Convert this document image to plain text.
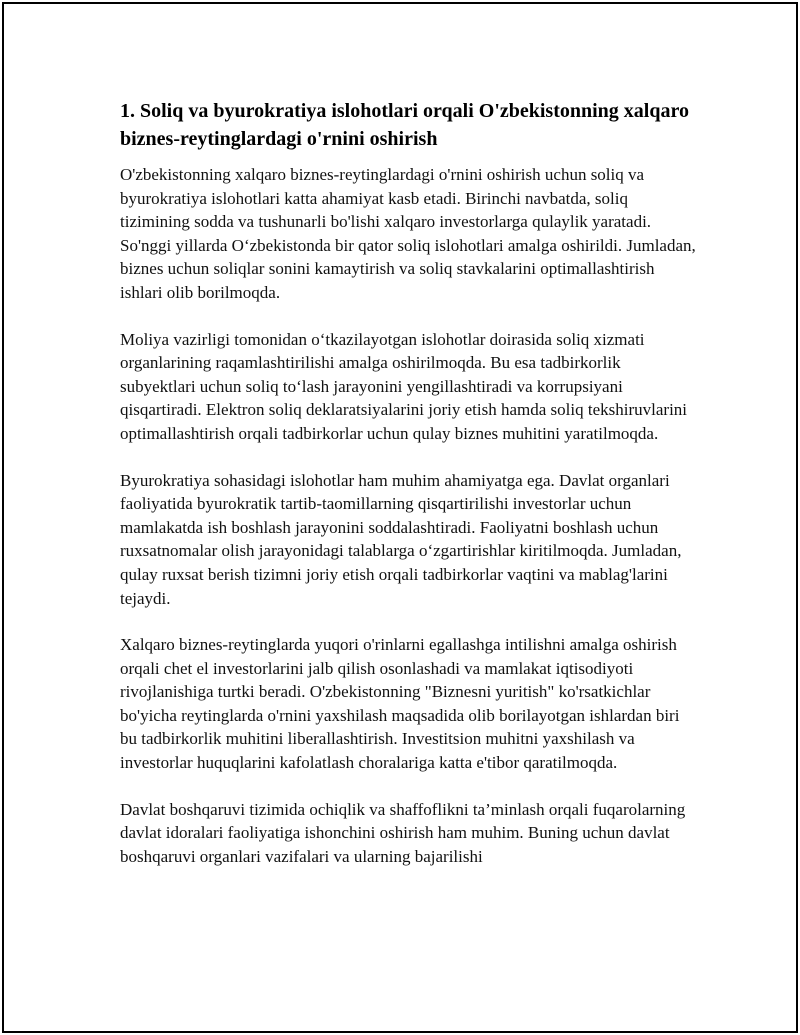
1. Soliq va byurokratiya islohotlari orqali O'zbekistonning xalqaro biznes-reytinglardagi o'rnini oshirish

O'zbekistonning xalqaro biznes-reytinglardagi o'rnini oshirish uchun soliq va byurokratiya islohotlari katta ahamiyat kasb etadi. Birinchi navbatda, soliq tizimining sodda va tushunarli bo'lishi xalqaro investorlarga qulaylik yaratadi. So'nggi yillarda O‘zbekistonda bir qator soliq islohotlari amalga oshirildi. Jumladan, biznes uchun soliqlar sonini kamaytirish va soliq stavkalarini optimallashtirish ishlari olib borilmoqda.

Moliya vazirligi tomonidan o‘tkazilayotgan islohotlar doirasida soliq xizmati organlarining raqamlashtirilishi amalga oshirilmoqda. Bu esa tadbirkorlik subyektlari uchun soliq to‘lash jarayonini yengillashtiradi va korrupsiyani qisqartiradi. Elektron soliq deklaratsiyalarini joriy etish hamda soliq tekshiruvlarini optimallashtirish orqali tadbirkorlar uchun qulay biznes muhitini yaratilmoqda.

Byurokratiya sohasidagi islohotlar ham muhim ahamiyatga ega. Davlat organlari faoliyatida byurokratik tartib-taomillarning qisqartirilishi investorlar uchun mamlakatda ish boshlash jarayonini soddalashtiradi. Faoliyatni boshlash uchun ruxsatnomalar olish jarayonidagi talablarga o‘zgartirishlar kiritilmoqda. Jumladan, qulay ruxsat berish tizimni joriy etish orqali tadbirkorlar vaqtini va mablag'larini tejaydi.

Xalqaro biznes-reytinglarda yuqori o'rinlarni egallashga intilishni amalga oshirish orqali chet el investorlarini jalb qilish osonlashadi va mamlakat iqtisodiyoti rivojlanishiga turtki beradi. O'zbekistonning "Biznesni yuritish" ko'rsatkichlar bo'yicha reytinglarda o'rnini yaxshilash maqsadida olib borilayotgan ishlardan biri bu tadbirkorlik muhitini liberallashtirish. Investitsion muhitni yaxshilash va investorlar huquqlarini kafolatlash choralariga katta e'tibor qaratilmoqda.

Davlat boshqaruvi tizimida ochiqlik va shaffoflikni ta’minlash orqali fuqarolarning davlat idoralari faoliyatiga ishonchini oshirish ham muhim. Buning uchun davlat boshqaruvi organlari vazifalari va ularning bajarilishi
